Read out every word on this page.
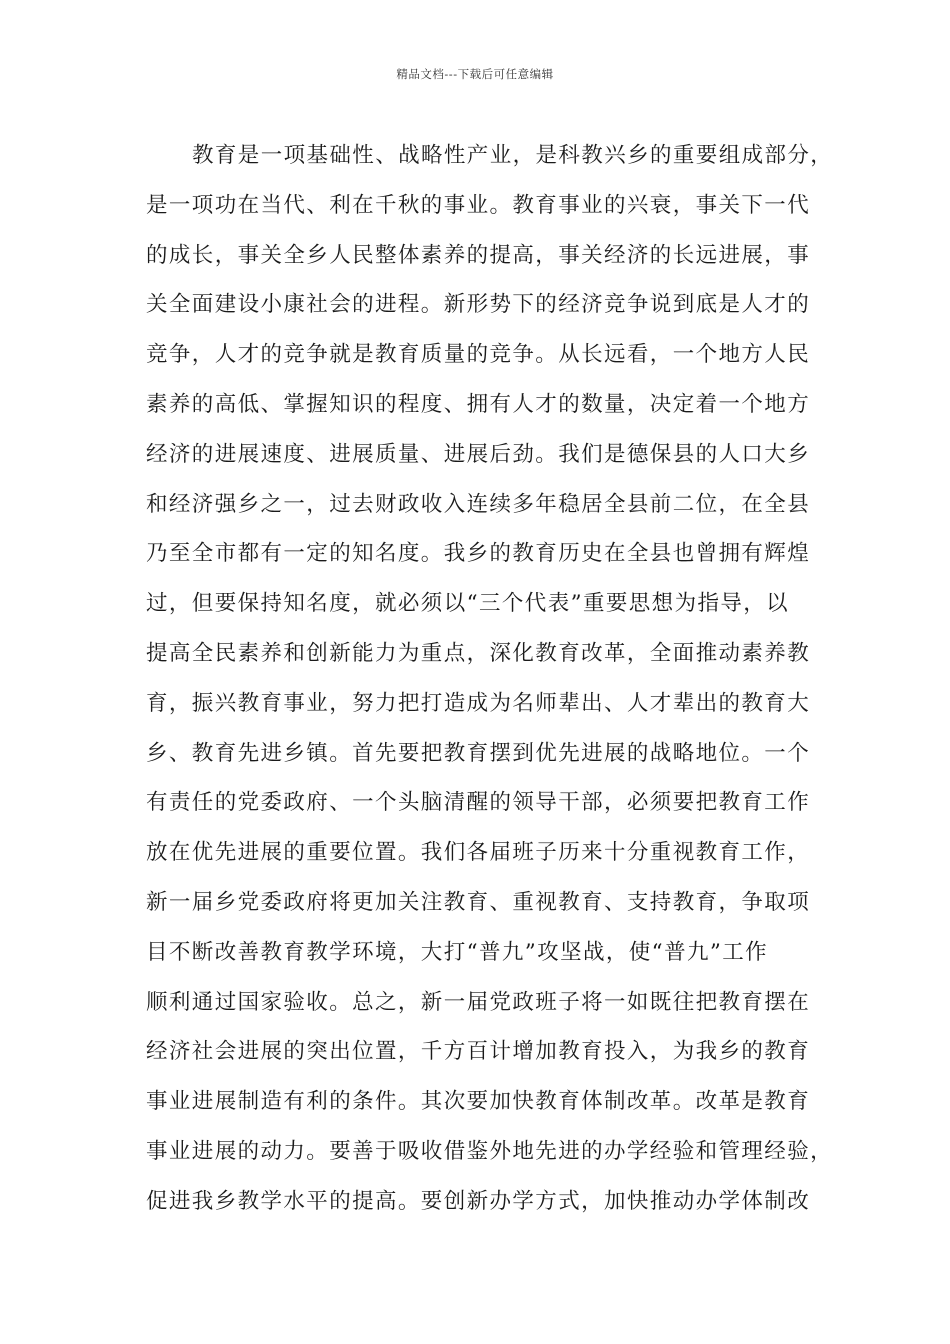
精品文档---下载后可任意编辑
教育是一项基础性、战略性产业，是科教兴乡的重要组成部分，
是一项功在当代、利在千秋的事业。教育事业的兴衰，事关下一代
的成长，事关全乡人民整体素养的提高，事关经济的长远进展，事
关全面建设小康社会的进程。新形势下的经济竞争说到底是人才的
竞争，人才的竞争就是教育质量的竞争。从长远看，一个地方人民
素养的高低、掌握知识的程度、拥有人才的数量，决定着一个地方
经济的进展速度、进展质量、进展后劲。我们是德保县的人口大乡
和经济强乡之一，过去财政收入连续多年稳居全县前二位，在全县
乃至全市都有一定的知名度。我乡的教育历史在全县也曾拥有辉煌
过，但要保持知名度，就必须以“三个代表”重要思想为指导，以
提高全民素养和创新能力为重点，深化教育改革，全面推动素养教
育，振兴教育事业，努力把打造成为名师辈出、人才辈出的教育大
乡、教育先进乡镇。首先要把教育摆到优先进展的战略地位。一个
有责任的党委政府、一个头脑清醒的领导干部，必须要把教育工作
放在优先进展的重要位置。我们各届班子历来十分重视教育工作，
新一届乡党委政府将更加关注教育、重视教育、支持教育，争取项
目不断改善教育教学环境，大打“普九”攻坚战，使“普九”工作
顺利通过国家验收。总之，新一届党政班子将一如既往把教育摆在
经济社会进展的突出位置，千方百计增加教育投入，为我乡的教育
事业进展制造有利的条件。其次要加快教育体制改革。改革是教育
事业进展的动力。要善于吸收借鉴外地先进的办学经验和管理经验，
促进我乡教学水平的提高。要创新办学方式，加快推动办学体制改
